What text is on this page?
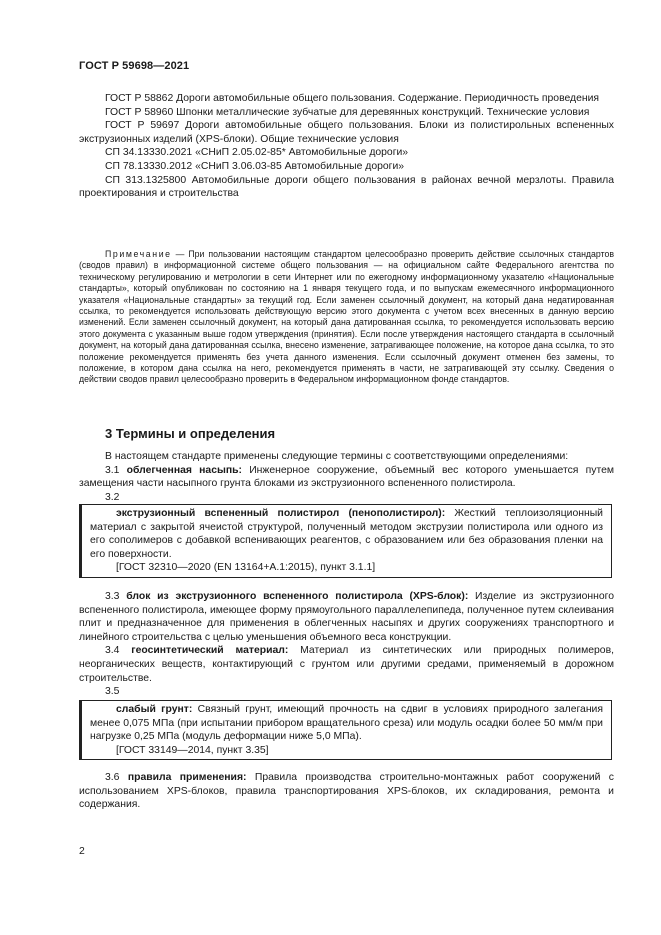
ГОСТ Р 59698—2021

ГОСТ Р 58862 Дороги автомобильные общего пользования. Содержание. Периодичность проведения

ГОСТ Р 58960 Шпонки металлические зубчатые для деревянных конструкций. Технические условия

ГОСТ Р 59697 Дороги автомобильные общего пользования. Блоки из полистирольных вспененных экструзионных изделий (XPS-блоки). Общие технические условия

СП 34.13330.2021 «СНиП 2.05.02-85* Автомобильные дороги»

СП 78.13330.2012 «СНиП 3.06.03-85 Автомобильные дороги»

СП 313.1325800 Автомобильные дороги общего пользования в районах вечной мерзлоты. Правила проектирования и строительства

Примечание — При пользовании настоящим стандартом целесообразно проверить действие ссылочных стандартов (сводов правил) в информационной системе общего пользования — на официальном сайте Федерального агентства по техническому регулированию и метрологии в сети Интернет или по ежегодному информационному указателю «Национальные стандарты», который опубликован по состоянию на 1 января текущего года, и по выпускам ежемесячного информационного указателя «Национальные стандарты» за текущий год. Если заменен ссылочный документ, на который дана недатированная ссылка, то рекомендуется использовать действующую версию этого документа с учетом всех внесенных в данную версию изменений. Если заменен ссылочный документ, на который дана датированная ссылка, то рекомендуется использовать версию этого документа с указанным выше годом утверждения (принятия). Если после утверждения настоящего стандарта в ссылочный документ, на который дана датированная ссылка, внесено изменение, затрагивающее положение, на которое дана ссылка, то это положение рекомендуется применять без учета данного изменения. Если ссылочный документ отменен без замены, то положение, в котором дана ссылка на него, рекомендуется применять в части, не затрагивающей эту ссылку. Сведения о действии сводов правил целесообразно проверить в Федеральном информационном фонде стандартов.

3 Термины и определения

В настоящем стандарте применены следующие термины с соответствующими определениями:

3.1 облегченная насыпь: Инженерное сооружение, объемный вес которого уменьшается путем замещения части насыпного грунта блоками из экструзионного вспененного полистирола.

3.2

экструзионный вспененный полистирол (пенополистирол): Жесткий теплоизоляционный материал с закрытой ячеистой структурой, полученный методом экструзии полистирола или одного из его сополимеров с добавкой вспенивающих реагентов, с образованием или без образования пленки на его поверхности.

[ГОСТ 32310—2020 (EN 13164+A.1:2015), пункт 3.1.1]

3.3 блок из экструзионного вспененного полистирола (XPS-блок): Изделие из экструзионного вспененного полистирола, имеющее форму прямоугольного параллелепипеда, полученное путем склеивания плит и предназначенное для применения в облегченных насыпях и других сооружениях транспортного и линейного строительства с целью уменьшения объемного веса конструкции.

3.4 геосинтетический материал: Материал из синтетических или природных полимеров, неорганических веществ, контактирующий с грунтом или другими средами, применяемый в дорожном строительстве.

3.5

слабый грунт: Связный грунт, имеющий прочность на сдвиг в условиях природного залегания менее 0,075 МПа (при испытании прибором вращательного среза) или модуль осадки более 50 мм/м при нагрузке 0,25 МПа (модуль деформации ниже 5,0 МПа).

[ГОСТ 33149—2014, пункт 3.35]

3.6 правила применения: Правила производства строительно-монтажных работ сооружений с использованием XPS-блоков, правила транспортирования XPS-блоков, их складирования, ремонта и содержания.

2
